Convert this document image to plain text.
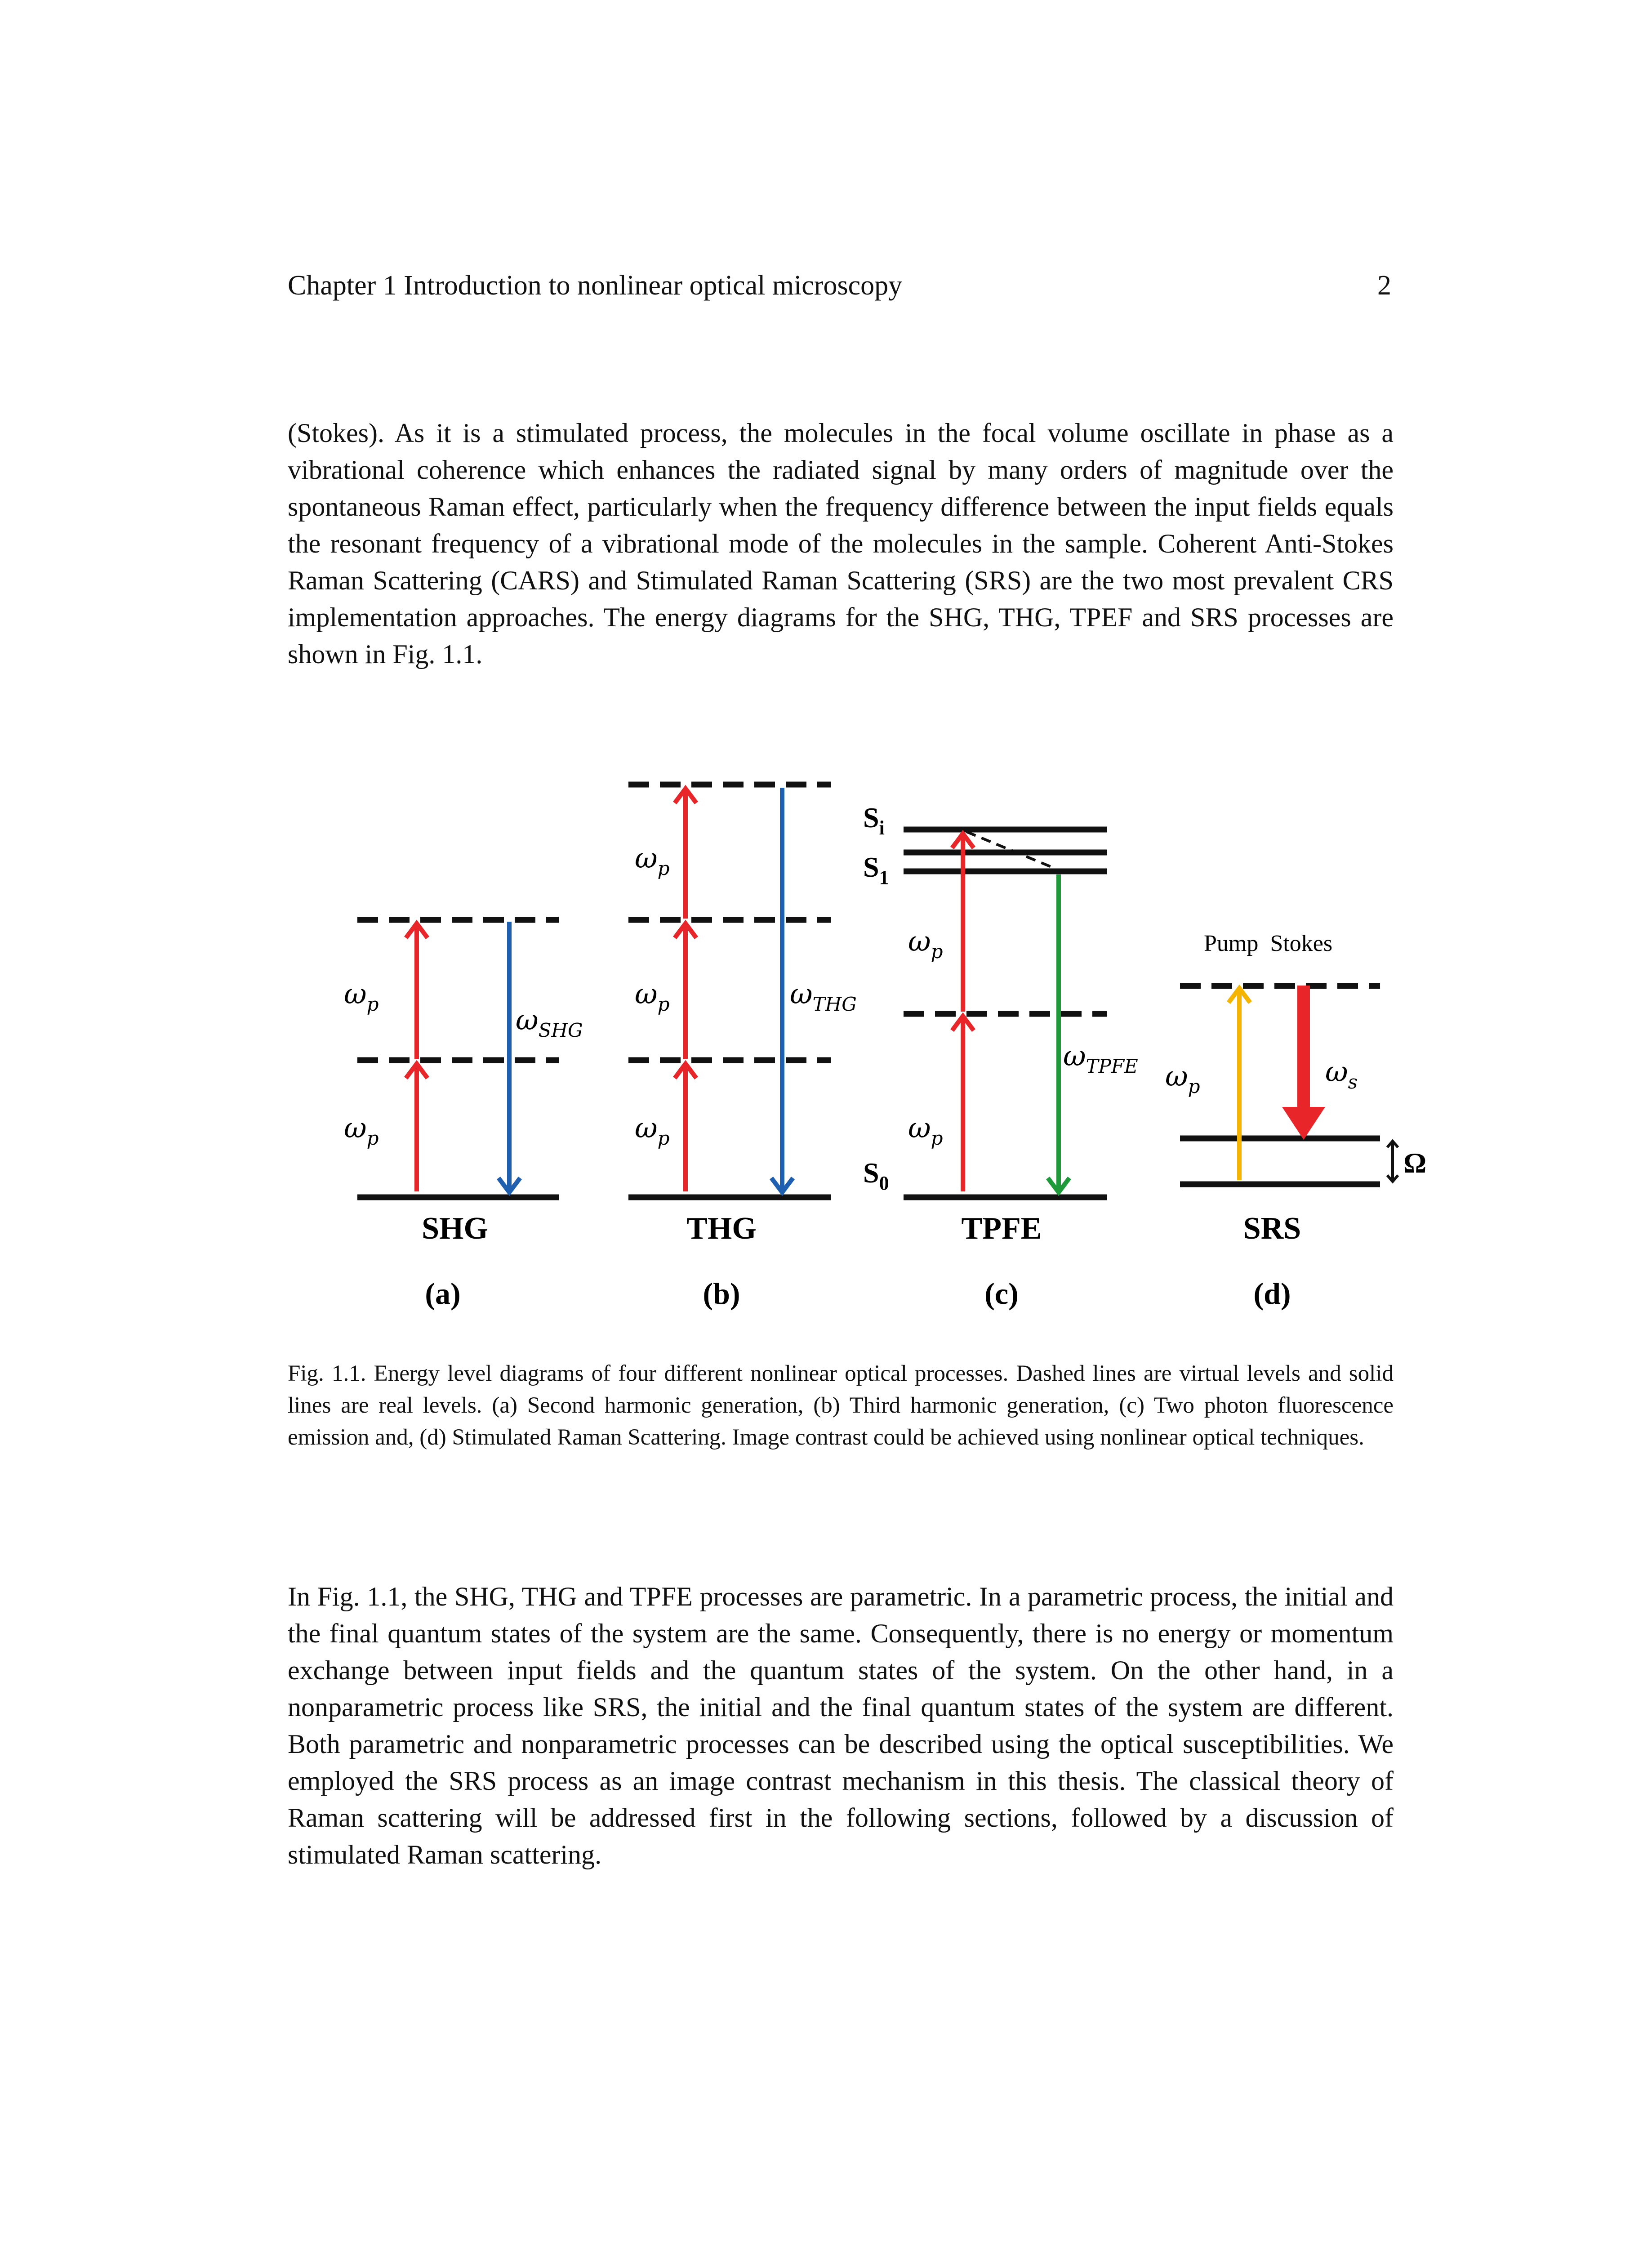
Chapter 1 Introduction to nonlinear optical microscopy	2

(Stokes). As it is a stimulated process, the molecules in the focal volume oscillate in phase as a vibrational coherence which enhances the radiated signal by many orders of magnitude over the spontaneous Raman effect, particularly when the frequency difference between the input fields equals the resonant frequency of a vibrational mode of the molecules in the sample. Coherent Anti-Stokes Raman Scattering (CARS) and Stimulated Raman Scattering (SRS) are the two most prevalent CRS implementation approaches. The energy diagrams for the SHG, THG, TPEF and SRS processes are shown in Fig. 1.1.

$\omega_p$
$\omega_p$
$\omega_{SHG}$
SHG
(a)
$\omega_p$
$\omega_p$
$\omega_p$
$\omega_{THG}$
THG
(b)
$S_i$
$S_1$
$S_0$
$\omega_p$
$\omega_p$
$\omega_{TPFE}$
TPFE
(c)
Pump  Stokes
$\omega_p$	$\omega_s$
Ω
SRS
(d)

Fig. 1.1. Energy level diagrams of four different nonlinear optical processes. Dashed lines are virtual levels and solid lines are real levels. (a) Second harmonic generation, (b) Third harmonic generation, (c) Two photon fluorescence emission and, (d) Stimulated Raman Scattering. Image contrast could be achieved using nonlinear optical techniques.

In Fig. 1.1, the SHG, THG and TPFE processes are parametric. In a parametric process, the initial and the final quantum states of the system are the same. Consequently, there is no energy or momentum exchange between input fields and the quantum states of the system. On the other hand, in a nonparametric process like SRS, the initial and the final quantum states of the system are different. Both parametric and nonparametric processes can be described using the optical susceptibilities. We employed the SRS process as an image contrast mechanism in this thesis. The classical theory of Raman scattering will be addressed first in the following sections, followed by a discussion of stimulated Raman scattering.
